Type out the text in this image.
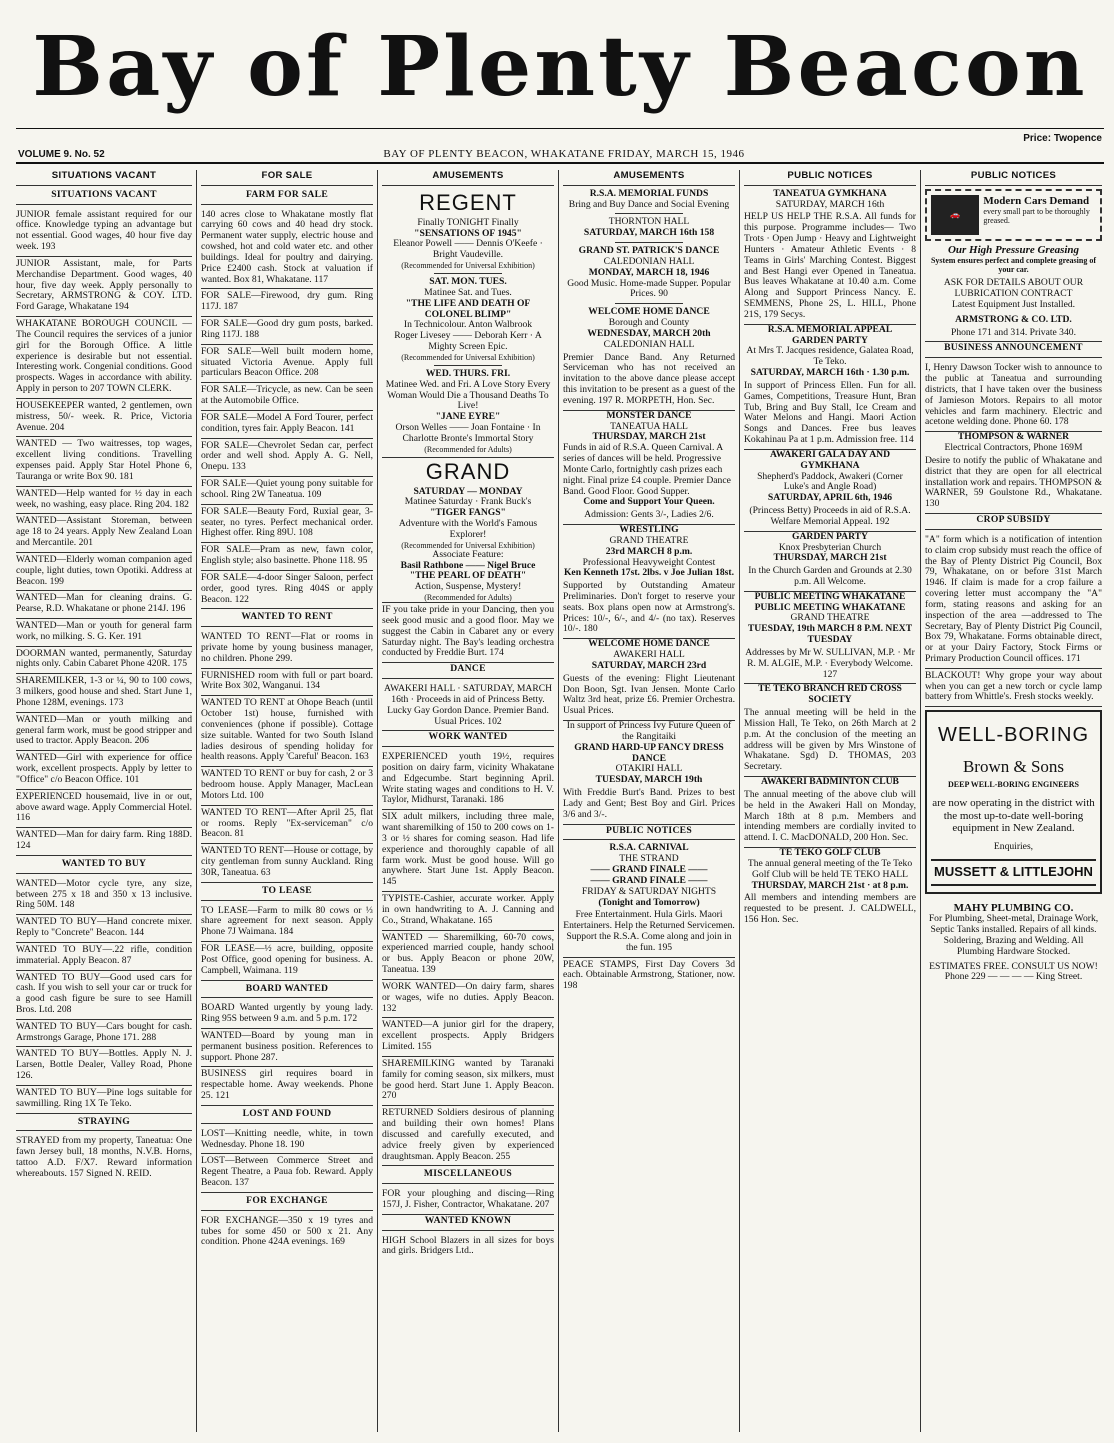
Bay of Plenty Beacon
VOLUME 9. No. 52	BAY OF PLENTY BEACON, WHAKATANE FRIDAY, MARCH 15, 1946
Price: Twopence
SITUATIONS VACANT
SITUATIONS VACANT
JUNIOR female assistant required for our office. Knowledge typing an advantage but not essential. Good wages, 40 hour five day week. 193
JUNIOR Assistant, male, for Parts Merchandise Department. Good wages, 40 hour, five day week. Apply personally to Secretary, ARMSTRONG & COY. LTD. Ford Garage, Whakatane 194
WHAKATANE BOROUGH COUNCIL — The Council requires the services of a junior girl for the Borough Office. A little experience is desirable but not essential. Interesting work. Congenial conditions. Good prospects. Wages in accordance with ability. Apply in person to 207 TOWN CLERK.
HOUSEKEEPER wanted, 2 gentlemen, own mistress, 50/- week. R. Price, Victoria Avenue. 204
WANTED — Two waitresses, top wages, excellent living conditions. Travelling expenses paid. Apply Star Hotel Phone 6, Tauranga or write Box 90. 181
WANTED—Help wanted for ½ day in each week, no washing, easy place. Ring 204. 182
WANTED—Assistant Storeman, between age 18 to 24 years. Apply New Zealand Loan and Mercantile. 201
WANTED—Elderly woman companion aged couple, light duties, town Opotiki. Address at Beacon. 199
WANTED—Man for cleaning drains. G. Pearse, R.D. Whakatane or phone 214J. 196
WANTED—Man or youth for general farm work, no milking. S. G. Ker. 191
DOORMAN wanted, permanently, Saturday nights only. Cabin Cabaret Phone 420R. 175
SHAREMILKER, 1-3 or ¼, 90 to 100 cows, 3 milkers, good house and shed. Start June 1, Phone 128M, evenings. 173
WANTED—Man or youth milking and general farm work, must be good stripper and used to tractor. Apply Beacon. 206
WANTED—Girl with experience for office work, excellent prospects. Apply by letter to "Office" c/o Beacon Office. 101
EXPERIENCED housemaid, live in or out, above award wage. Apply Commercial Hotel. 116
WANTED—Man for dairy farm. Ring 188D. 124
WANTED TO BUY
WANTED—Motor cycle tyre, any size, between 275 x 18 and 350 x 13 inclusive. Ring 50M. 148
WANTED TO BUY—Hand concrete mixer. Reply to "Concrete" Beacon. 144
WANTED TO BUY—.22 rifle, condition immaterial. Apply Beacon. 87
WANTED TO BUY—Good used cars for cash. If you wish to sell your car or truck for a good cash figure be sure to see Hamill Bros. Ltd. 208
WANTED TO BUY—Cars bought for cash. Armstrongs Garage, Phone 171. 288
WANTED TO BUY—Bottles. Apply N. J. Larsen, Bottle Dealer, Valley Road, Phone 126.
WANTED TO BUY—Pine logs suitable for sawmilling. Ring 1X Te Teko.
STRAYING
STRAYED from my property, Taneatua: One fawn Jersey bull, 18 months, N.V.B. Horns, tattoo A.D. F/X7. Reward information whereabouts. 157 Signed N. REID.
FOR SALE
FARM FOR SALE
140 acres close to Whakatane mostly flat carrying 60 cows and 40 head dry stock. Permanent water supply, electric house and cowshed, hot and cold water etc. and other buildings. Ideal for poultry and dairying. Price £2400 cash. Stock at valuation if wanted. Box 81, Whakatane. 117
FOR SALE—Firewood, dry gum. Ring 117J. 187
FOR SALE—Good dry gum posts, barked. Ring 117J. 188
FOR SALE—Well built modern home, situated Victoria Avenue. Apply full particulars Beacon Office. 208
FOR SALE—Tricycle, as new. Can be seen at the Automobile Office.
FOR SALE—Model A Ford Tourer, perfect condition, tyres fair. Apply Beacon. 141
FOR SALE—Chevrolet Sedan car, perfect order and well shod. Apply A. G. Nell, Onepu. 133
FOR SALE—Quiet young pony suitable for school. Ring 2W Taneatua. 109
FOR SALE—Beauty Ford, Ruxial gear, 3-seater, no tyres. Perfect mechanical order. Highest offer. Ring 89U. 108
FOR SALE—Pram as new, fawn color, English style; also basinette. Phone 118. 95
FOR SALE—4-door Singer Saloon, perfect order, good tyres. Ring 404S or apply Beacon. 122
WANTED TO RENT
WANTED TO RENT—Flat or rooms in private home by young business manager, no children. Phone 299.
FURNISHED room with full or part board. Write Box 302, Wanganui. 134
WANTED TO RENT at Ohope Beach (until October 1st) house, furnished with conveniences (phone if possible). Cottage size suitable. Wanted for two South Island ladies desirous of spending holiday for health reasons. Apply 'Careful' Beacon. 163
WANTED TO RENT or buy for cash, 2 or 3 bedroom house. Apply Manager, MacLean Motors Ltd. 100
WANTED TO RENT—After April 25, flat or rooms. Reply "Ex-serviceman" c/o Beacon. 81
WANTED TO RENT—House or cottage, by city gentleman from sunny Auckland. Ring 30R, Taneatua. 63
TO LEASE
TO LEASE—Farm to milk 80 cows or ⅓ share agreement for next season. Apply Phone 7J Waimana. 184
FOR LEASE—½ acre, building, opposite Post Office, good opening for business. A. Campbell, Waimana. 119
BOARD WANTED
BOARD Wanted urgently by young lady. Ring 95S between 9 a.m. and 5 p.m. 172
WANTED—Board by young man in permanent business position. References to support. Phone 287.
BUSINESS girl requires board in respectable home. Away weekends. Phone 25. 121
LOST AND FOUND
LOST—Knitting needle, white, in town Wednesday. Phone 18. 190
LOST—Between Commerce Street and Regent Theatre, a Paua fob. Reward. Apply Beacon. 137
FOR EXCHANGE
FOR EXCHANGE—350 x 19 tyres and tubes for some 450 or 500 x 21. Any condition. Phone 424A evenings. 169
AMUSEMENTS
REGENT
Finally TONIGHT Finally
"SENSATIONS OF 1945"
Eleanor Powell —— Dennis O'Keefe · Bright Vaudeville.
(Recommended for Universal Exhibition)
SAT. MON. TUES.
Matinee Sat. and Tues.
"THE LIFE AND DEATH OF COLONEL BLIMP"
In Technicolour. Anton Walbrook
Roger Livesey —— Deborah Kerr · A Mighty Screen Epic.
(Recommended for Universal Exhibition)
WED. THURS. FRI.
Matinee Wed. and Fri. A Love Story Every Woman Would Die a Thousand Deaths To Live!
"JANE EYRE"
Orson Welles —— Joan Fontaine · In Charlotte Bronte's Immortal Story
(Recommended for Adults)
GRAND
SATURDAY — MONDAY
Matinee Saturday · Frank Buck's
"TIGER FANGS"
Adventure with the World's Famous Explorer!
(Recommended for Universal Exhibition)
Associate Feature:
Basil Rathbone —— Nigel Bruce
"THE PEARL OF DEATH"
Action, Suspense, Mystery!
(Recommended for Adults)
IF you take pride in your Dancing, then you seek good music and a good floor. May we suggest the Cabin in Cabaret any or every Saturday night. The Bay's leading orchestra conducted by Freddie Burt. 174
DANCE
AWAKERI HALL · SATURDAY, MARCH 16th · Proceeds in aid of Princess Betty. Lucky Gay Gordon Dance. Premier Band. Usual Prices. 102
WORK WANTED
EXPERIENCED youth 19½, requires position on dairy farm, vicinity Whakatane and Edgecumbe. Start beginning April. Write stating wages and conditions to H. V. Taylor, Midhurst, Taranaki. 186
SIX adult milkers, including three male, want sharemilking of 150 to 200 cows on 1-3 or ½ shares for coming season. Had life experience and thoroughly capable of all farm work. Must be good house. Will go anywhere. Start June 1st. Apply Beacon. 145
TYPISTE-Cashier, accurate worker. Apply in own handwriting to A. J. Canning and Co., Strand, Whakatane. 165
WANTED — Sharemilking, 60-70 cows, experienced married couple, handy school or bus. Apply Beacon or phone 20W, Taneatua. 139
WORK WANTED—On dairy farm, shares or wages, wife no duties. Apply Beacon. 132
WANTED—A junior girl for the drapery, excellent prospects. Apply Bridgers Limited. 155
SHAREMILKING wanted by Taranaki family for coming season, six milkers, must be good herd. Start June 1. Apply Beacon. 270
RETURNED Soldiers desirous of planning and building their own homes! Plans discussed and carefully executed, and advice freely given by experienced draughtsman. Apply Beacon. 255
MISCELLANEOUS
FOR your ploughing and discing—Ring 157J, J. Fisher, Contractor, Whakatane. 207
WANTED KNOWN
HIGH School Blazers in all sizes for boys and girls. Bridgers Ltd..
AMUSEMENTS
R.S.A. MEMORIAL FUNDS
Bring and Buy Dance and Social Evening
THORNTON HALL
SATURDAY, MARCH 16th 158
GRAND ST. PATRICK'S DANCE
CALEDONIAN HALL
MONDAY, MARCH 18, 1946
Good Music. Home-made Supper. Popular Prices. 90
WELCOME HOME DANCE
Borough and County
WEDNESDAY, MARCH 20th
CALEDONIAN HALL
Premier Dance Band. Any Returned Serviceman who has not received an invitation to the above dance please accept this invitation to be present as a guest of the evening. 197 R. MORPETH, Hon. Sec.
MONSTER DANCE
TANEATUA HALL
THURSDAY, MARCH 21st
Funds in aid of R.S.A. Queen Carnival. A series of dances will be held. Progressive Monte Carlo, fortnightly cash prizes each night. Final prize £4 couple. Premier Dance Band. Good Floor. Good Supper.
Come and Support Your Queen.
Admission: Gents 3/-, Ladies 2/6.
WRESTLING
GRAND THEATRE
23rd MARCH 8 p.m.
Professional Heavyweight Contest
Ken Kenneth 17st. 2lbs. v Joe Julian 18st.
Supported by Outstanding Amateur Preliminaries. Don't forget to reserve your seats. Box plans open now at Armstrong's. Prices: 10/-, 6/-, and 4/- (no tax). Reserves 10/-. 180
WELCOME HOME DANCE
AWAKERI HALL
SATURDAY, MARCH 23rd
Guests of the evening: Flight Lieutenant Don Boon, Sgt. Ivan Jensen. Monte Carlo Waltz 3rd heat, prize £6. Premier Orchestra. Usual Prices.
In support of Princess Ivy Future Queen of the Rangitaiki
GRAND HARD-UP FANCY DRESS DANCE
OTAKIRI HALL
TUESDAY, MARCH 19th
With Freddie Burt's Band. Prizes to best Lady and Gent; Best Boy and Girl. Prices 3/6 and 3/-.
PUBLIC NOTICES
R.S.A. CARNIVAL
THE STRAND
—— GRAND FINALE ——
—— GRAND FINALE ——
FRIDAY & SATURDAY NIGHTS
(Tonight and Tomorrow)
Free Entertainment. Hula Girls. Maori Entertainers. Help the Returned Servicemen. Support the R.S.A. Come along and join in the fun. 195
PEACE STAMPS, First Day Covers 3d each. Obtainable Armstrong, Stationer, now. 198
PUBLIC NOTICES
TANEATUA GYMKHANA
SATURDAY, MARCH 16th
HELP US HELP THE R.S.A. All funds for this purpose. Programme includes— Two Trots · Open Jump · Heavy and Lightweight Hunters · Amateur Athletic Events · 8 Teams in Girls' Marching Contest. Biggest and Best Hangi ever Opened in Taneatua. Bus leaves Whakatane at 10.40 a.m. Come Along and Support Princess Nancy. E. SEMMENS, Phone 2S, L. HILL, Phone 21S, 179 Secys.
R.S.A. MEMORIAL APPEAL
GARDEN PARTY
At Mrs T. Jacques residence, Galatea Road, Te Teko.
SATURDAY, MARCH 16th · 1.30 p.m.
In support of Princess Ellen. Fun for all. Games, Competitions, Treasure Hunt, Bran Tub, Bring and Buy Stall, Ice Cream and Water Melons and Hangi. Maori Action Songs and Dances. Free bus leaves Kokahinau Pa at 1 p.m. Admission free. 114
AWAKERI GALA DAY AND GYMKHANA
Shepherd's Paddock, Awakeri (Corner Luke's and Angle Road)
SATURDAY, APRIL 6th, 1946
(Princess Betty) Proceeds in aid of R.S.A. Welfare Memorial Appeal. 192
GARDEN PARTY
Knox Presbyterian Church
THURSDAY, MARCH 21st
In the Church Garden and Grounds at 2.30 p.m. All Welcome.
PUBLIC MEETING WHAKATANE
PUBLIC MEETING WHAKATANE
GRAND THEATRE
TUESDAY, 19th MARCH 8 P.M. NEXT TUESDAY
Addresses by Mr W. SULLIVAN, M.P. · Mr R. M. ALGIE, M.P. · Everybody Welcome. 127
TE TEKO BRANCH RED CROSS SOCIETY
The annual meeting will be held in the Mission Hall, Te Teko, on 26th March at 2 p.m. At the conclusion of the meeting an address will be given by Mrs Winstone of Whakatane. Sgd) D. THOMAS, 203 Secretary.
AWAKERI BADMINTON CLUB
The annual meeting of the above club will be held in the Awakeri Hall on Monday, March 18th at 8 p.m. Members and intending members are cordially invited to attend. I. C. MacDONALD, 200 Hon. Sec.
TE TEKO GOLF CLUB
The annual general meeting of the Te Teko Golf Club will be held TE TEKO HALL
THURSDAY, MARCH 21st · at 8 p.m.
All members and intending members are requested to be present. J. CALDWELL, 156 Hon. Sec.
PUBLIC NOTICES
🚗
Modern Cars Demand
every small part to be thoroughly greased.
Our High Pressure Greasing
System ensures perfect and complete greasing of your car.
ASK FOR DETAILS ABOUT OUR LUBRICATION CONTRACT
Latest Equipment Just Installed.
ARMSTRONG & CO. LTD.
Phone 171 and 314. Private 340.
BUSINESS ANNOUNCEMENT
I, Henry Dawson Tocker wish to announce to the public at Taneatua and surrounding districts, that I have taken over the business of Jamieson Motors. Repairs to all motor vehicles and farm machinery. Electric and acetone welding done. Phone 60. 178
THOMPSON & WARNER
Electrical Contractors, Phone 169M
Desire to notify the public of Whakatane and district that they are open for all electrical installation work and repairs. THOMPSON & WARNER, 59 Goulstone Rd., Whakatane. 130
CROP SUBSIDY
"A" form which is a notification of intention to claim crop subsidy must reach the office of the Bay of Plenty District Pig Council, Box 79, Whakatane, on or before 31st March 1946. If claim is made for a crop failure a covering letter must accompany the "A" form, stating reasons and asking for an inspection of the area —addressed to The Secretary, Bay of Plenty District Pig Council, Box 79, Whakatane. Forms obtainable direct, or at your Dairy Factory, Stock Firms or Primary Production Council offices. 171
BLACKOUT! Why grope your way about when you can get a new torch or cycle lamp battery from Whittle's. Fresh stocks weekly.
WELL-BORING
Brown & Sons
DEEP WELL-BORING ENGINEERS
are now operating in the district with the most up-to-date well-boring equipment in New Zealand.
Enquiries,
MUSSETT & LITTLEJOHN
MAHY PLUMBING CO.
For Plumbing, Sheet-metal, Drainage Work, Septic Tanks installed. Repairs of all kinds. Soldering, Brazing and Welding. All Plumbing Hardware Stocked.
ESTIMATES FREE. CONSULT US NOW!
Phone 229 — — — — King Street.
